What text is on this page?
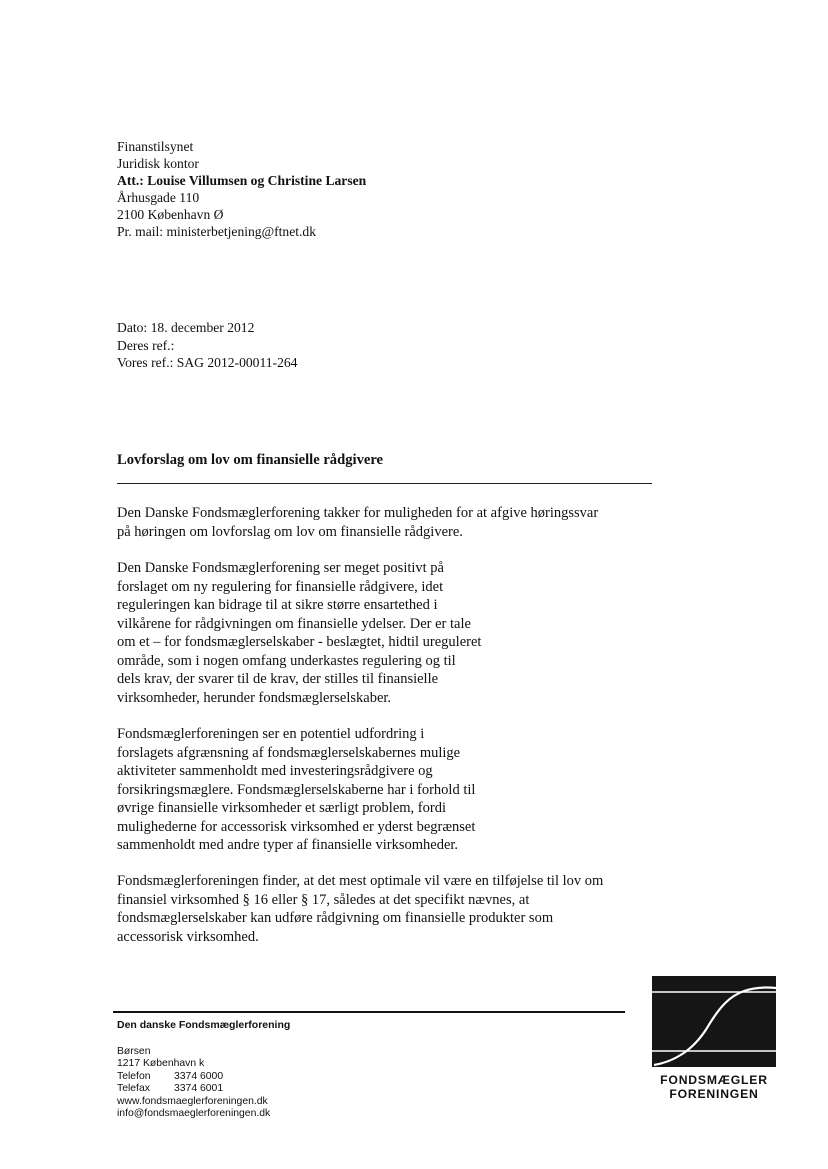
Finanstilsynet
Juridisk kontor
Att.: Louise Villumsen og Christine Larsen
Århusgade 110
2100 København Ø
Pr. mail: ministerbetjening@ftnet.dk
Dato: 18. december 2012
Deres ref.:
Vores ref.: SAG 2012-00011-264
Lovforslag om lov om finansielle rådgivere
Den Danske Fondsmæglerforening takker for muligheden for at afgive høringssvar
på høringen om lovforslag om lov om finansielle rådgivere.
Den Danske Fondsmæglerforening ser meget positivt på
forslaget om ny regulering for finansielle rådgivere, idet
reguleringen kan bidrage til at sikre større ensartethed i
vilkårene for rådgivningen om finansielle ydelser. Der er tale
om et – for fondsmæglerselskaber - beslægtet, hidtil ureguleret
område, som i nogen omfang underkastes regulering og til
dels krav, der svarer til de krav, der stilles til finansielle
virksomheder, herunder fondsmæglerselskaber.
Fondsmæglerforeningen ser en potentiel udfordring i
forslagets afgrænsning af fondsmæglerselskabernes mulige
aktiviteter sammenholdt med investeringsrådgivere og
forsikringsmæglere. Fondsmæglerselskaberne har i forhold til
øvrige finansielle virksomheder et særligt problem, fordi
mulighederne for accessorisk virksomhed er yderst begrænset
sammenholdt med andre typer af finansielle virksomheder.
Fondsmæglerforeningen finder, at det mest optimale vil være en tilføjelse til lov om
finansiel virksomhed § 16 eller § 17, således at det specifikt nævnes, at
fondsmæglerselskaber kan udføre rådgivning om finansielle produkter som
accessorisk virksomhed.
Den danske Fondsmæglerforening
Børsen
1217 København k
Telefon 3374 6000
Telefax 3374 6001
www.fondsmaeglerforeningen.dk
info@fondsmaeglerforeningen.dk
FONDSMÆGLER
FORENINGEN
